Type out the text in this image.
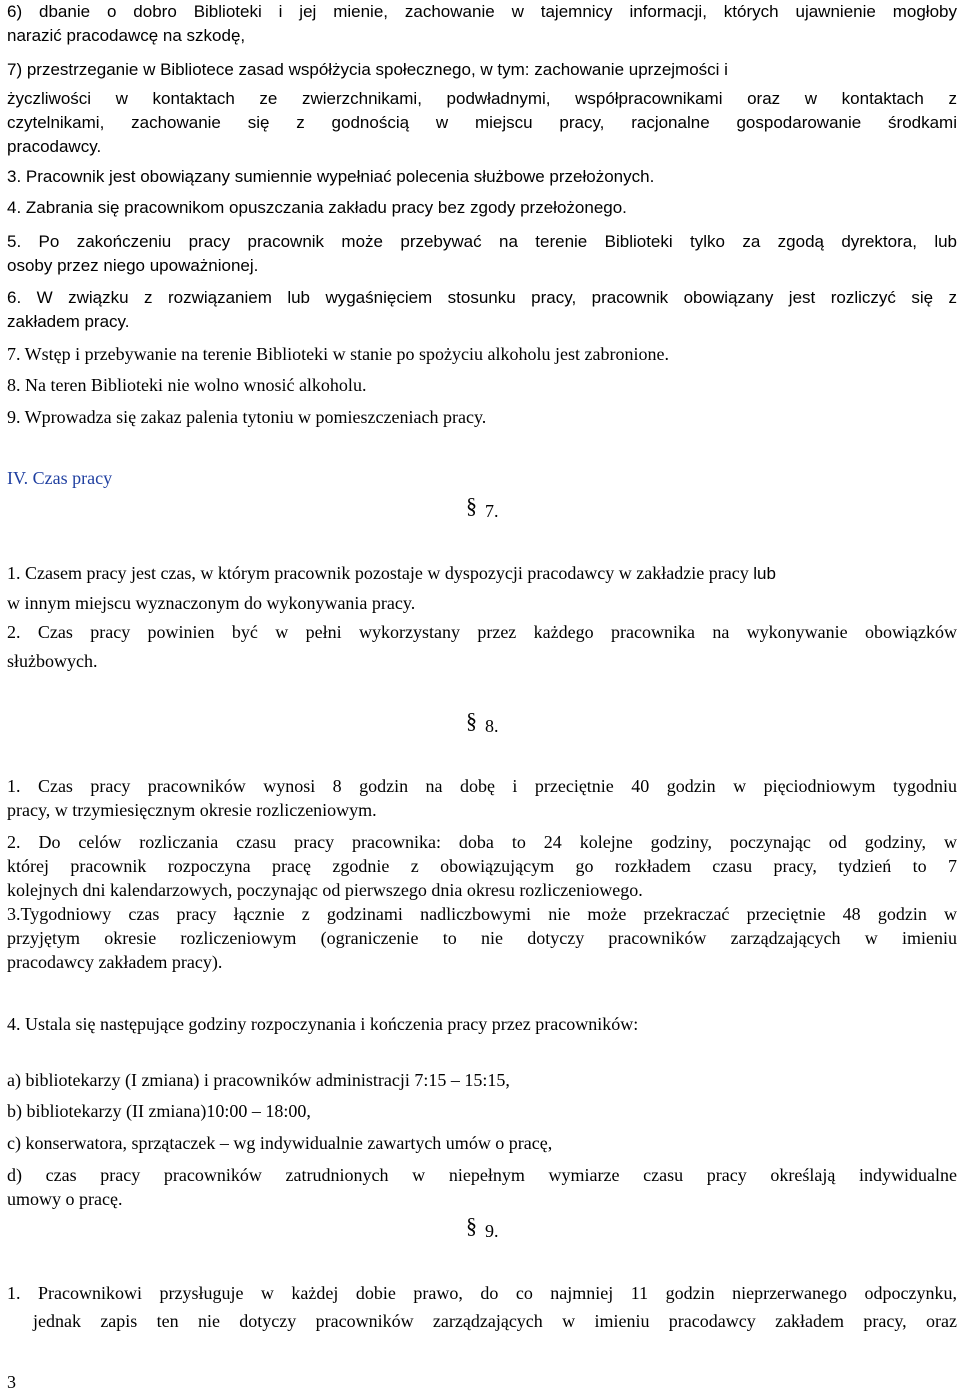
6) dbanie o dobro Biblioteki i jej mienie, zachowanie w tajemnicy informacji, których ujawnienie mogłoby
narazić pracodawcę na szkodę,
7) przestrzeganie w Bibliotece zasad współżycia społecznego, w tym: zachowanie uprzejmości i
życzliwości w kontaktach ze zwierzchnikami, podwładnymi, współpracownikami oraz w kontaktach z
czytelnikami, zachowanie się z godnością w miejscu pracy, racjonalne gospodarowanie środkami
pracodawcy.
3. Pracownik jest obowiązany sumiennie wypełniać polecenia służbowe przełożonych.
4. Zabrania się pracownikom opuszczania zakładu pracy bez zgody przełożonego.
5. Po zakończeniu pracy pracownik może przebywać na terenie Biblioteki tylko za zgodą dyrektora, lub
osoby przez niego upoważnionej.
6. W związku z rozwiązaniem lub wygaśnięciem stosunku pracy, pracownik obowiązany jest rozliczyć się z
zakładem pracy.
7. Wstęp i przebywanie na terenie Biblioteki w stanie po spożyciu alkoholu jest zabronione.
8. Na teren Biblioteki nie wolno wnosić alkoholu.
9. Wprowadza się zakaz palenia tytoniu w pomieszczeniach pracy.
IV. Czas pracy
§ 7.
1. Czasem pracy jest czas, w którym pracownik pozostaje w dyspozycji pracodawcy w zakładzie pracy lub
w innym miejscu wyznaczonym do wykonywania pracy.
2. Czas pracy powinien być w pełni wykorzystany przez każdego pracownika na wykonywanie obowiązków
służbowych.
§ 8.
1. Czas pracy pracowników wynosi 8 godzin na dobę i przeciętnie 40 godzin w pięciodniowym tygodniu
pracy, w trzymiesięcznym okresie rozliczeniowym.
2. Do celów rozliczania czasu pracy pracownika: doba to 24 kolejne godziny, poczynając od godziny, w
której pracownik rozpoczyna pracę zgodnie z obowiązującym go rozkładem czasu pracy, tydzień to 7
kolejnych dni kalendarzowych, poczynając od pierwszego dnia okresu rozliczeniowego.
3.Tygodniowy czas pracy łącznie z godzinami nadliczbowymi nie może przekraczać przeciętnie 48 godzin w
przyjętym okresie rozliczeniowym (ograniczenie to nie dotyczy pracowników zarządzających w imieniu
pracodawcy zakładem pracy).
4. Ustala się następujące godziny rozpoczynania i kończenia pracy przez pracowników:
a) bibliotekarzy (I zmiana) i pracowników administracji 7:15 – 15:15,
b) bibliotekarzy (II zmiana)10:00 – 18:00,
c) konserwatora, sprzątaczek – wg indywidualnie zawartych umów o pracę,
d) czas pracy pracowników zatrudnionych w niepełnym wymiarze czasu pracy określają indywidualne
umowy o pracę.
§ 9.
1. Pracownikowi przysługuje w każdej dobie prawo, do co najmniej 11 godzin nieprzerwanego odpoczynku,
jednak zapis ten nie dotyczy pracowników zarządzających w imieniu pracodawcy zakładem pracy, oraz
3
